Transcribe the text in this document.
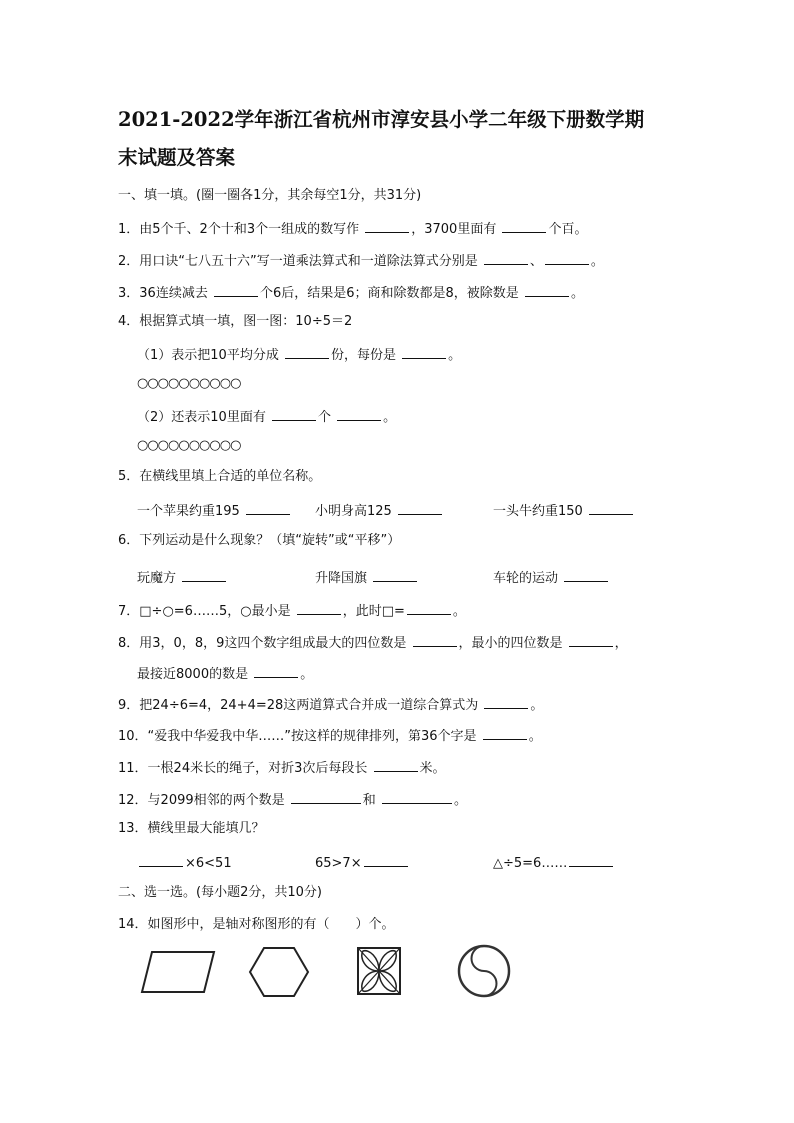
2021-2022学年浙江省杭州市淳安县小学二年级下册数学期
末试题及答案
一、填一填。(圈一圈各1分，其余每空1分，共31分)
1．由5个千、2个十和3个一组成的数写作	，3700里面有	个百。
2．用口诀“七八五十六”写一道乘法算式和一道除法算式分别是	、	。
3．36连续减去	个6后，结果是6；商和除数都是8，被除数是	。
4．根据算式填一填，图一图：10÷5＝2
（1）表示把10平均分成	份，每份是	。
○○○○○○○○○○
（2）还表示10里面有	个	。
○○○○○○○○○○
5．在横线里填上合适的单位名称。
一个苹果约重195	小明身高125	一头牛约重150
6．下列运动是什么现象？（填“旋转”或“平移”）
玩魔方	升降国旗	车轮的运动
7．□÷○=6……5，○最小是	，此时□=	。
8．用3，0，8，9这四个数字组成最大的四位数是	，最小的四位数是	，
最接近8000的数是	。
9．把24÷6=4，24+4=28这两道算式合并成一道综合算式为	。
10．“爱我中华爱我中华……”按这样的规律排列，第36个字是	。
11．一根24米长的绳子，对折3次后每段长	米。
12．与2099相邻的两个数是	和	。
13．横线里最大能填几？
×6<51	65>7×	△÷5=6……
二、选一选。(每小题2分，共10分)
14．如图形中，是轴对称图形的有（　　）个。
